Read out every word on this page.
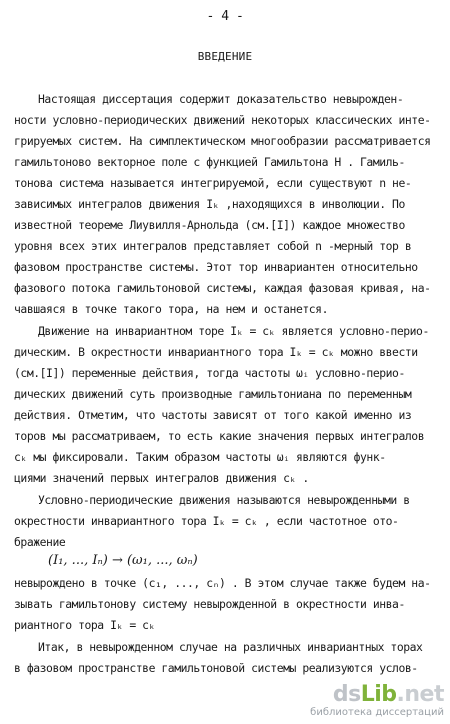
- 4 -
ВВЕДЕНИЕ
Настоящая диссертация содержит доказательство невырожден-
ности условно-периодических движений некоторых классических инте-
грируемых систем. На симплектическом многообразии рассматривается
гамильтоново векторное поле с функцией Гамильтона H . Гамиль-
тонова система называется интегрируемой, если существуют n не-
зависимых интегралов движения Iₖ ,находящихся в инволюции. По
известной теореме Лиувилля-Арнольда (см.[I]) каждое множество
уровня всех этих интегралов представляет собой n -мерный тор в
фазовом пространстве системы. Этот тор инвариантен относительно
фазового потока гамильтоновой системы, каждая фазовая кривая, на-
чавшаяся в точке такого тора, на нем и останется.
Движение на инвариантном торе Iₖ = cₖ является условно-перио-
дическим. В окрестности инвариантного тора Iₖ = cₖ можно ввести
(см.[I]) переменные действия, тогда частоты ωᵢ условно-перио-
дических движений суть производные гамильтониана по переменным
действия. Отметим, что частоты зависят от того какой именно из
торов мы рассматриваем, то есть какие значения первых интегралов
cₖ мы фиксировали. Таким образом частоты ωᵢ являются функ-
циями значений первых интегралов движения cₖ .
Условно-периодические движения называются невырожденными в
окрестности инвариантного тора Iₖ = cₖ , если частотное ото-
бражение
(I₁, ..., Iₙ) → (ω₁, ..., ωₙ)
невырождено в точке (c₁, ..., cₙ) . В этом случае также будем на-
зывать гамильтонову систему невырожденной в окрестности инва-
риантного тора Iₖ = cₖ
Итак, в невырожденном случае на различных инвариантных торах
в фазовом пространстве гамильтоновой системы реализуются услов-
dsLib.net
библиотека диссертаций
